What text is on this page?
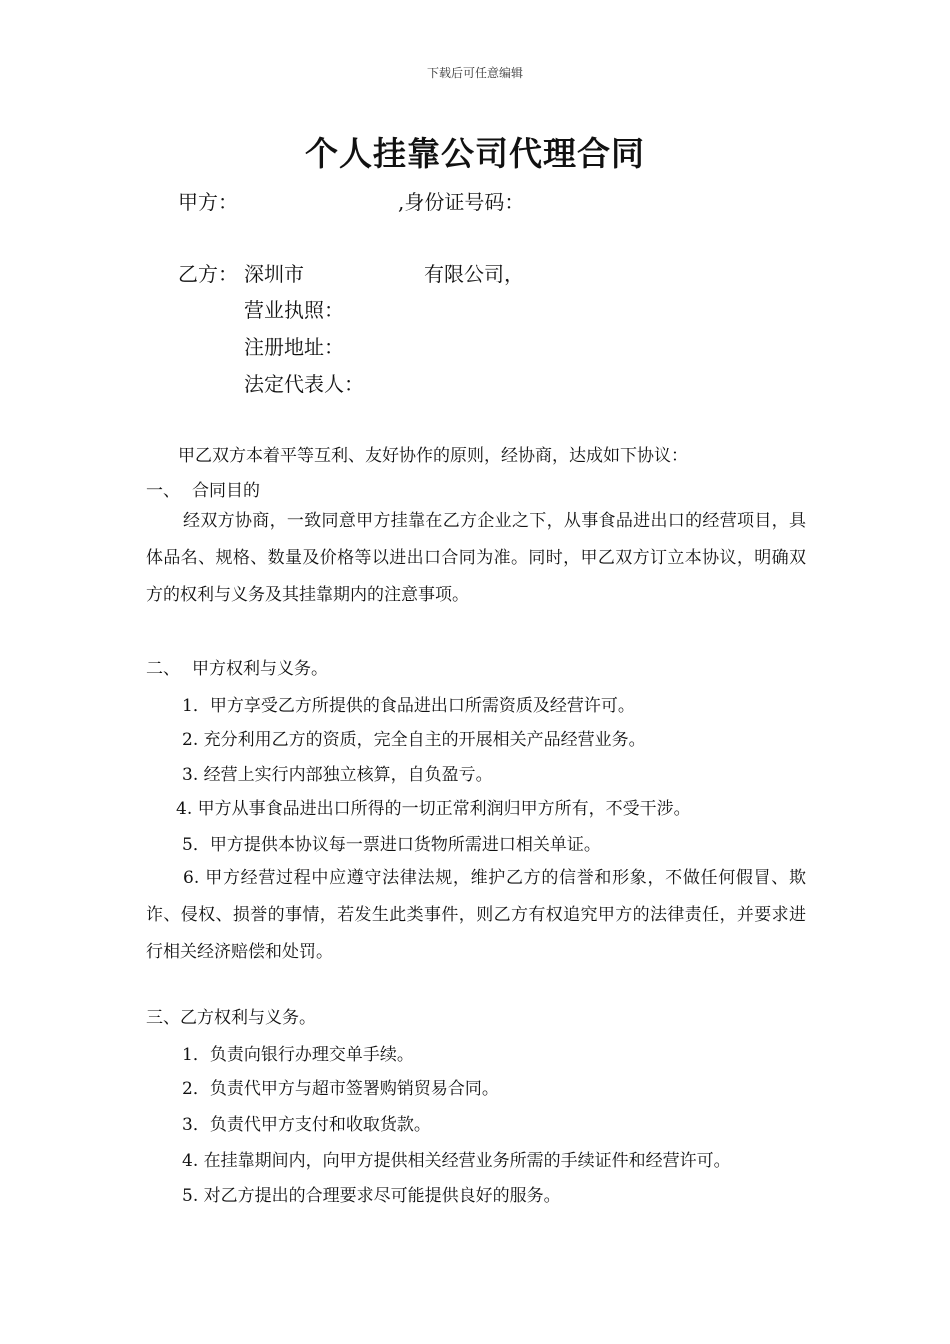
下载后可任意编辑
个人挂靠公司代理合同
甲方：	,身份证号码：
乙方： 深圳市	有限公司，
营业执照：
注册地址：
法定代表人：
甲乙双方本着平等互利、友好协作的原则，经协商，达成如下协议：
一、 合同目的
经双方协商，一致同意甲方挂靠在乙方企业之下，从事食品进出口的经营项目，具体品名、规格、数量及价格等以进出口合同为准。同时，甲乙双方订立本协议，明确双方的权利与义务及其挂靠期内的注意事项。
二、 甲方权利与义务。
1．甲方享受乙方所提供的食品进出口所需资质及经营许可。
2. 充分利用乙方的资质，完全自主的开展相关产品经营业务。
3. 经营上实行内部独立核算，自负盈亏。
4. 甲方从事食品进出口所得的一切正常利润归甲方所有，不受干涉。
5．甲方提供本协议每一票进口货物所需进口相关单证。
6. 甲方经营过程中应遵守法律法规，维护乙方的信誉和形象，不做任何假冒、欺诈、侵权、损誉的事情，若发生此类事件，则乙方有权追究甲方的法律责任，并要求进行相关经济赔偿和处罚。
三、乙方权利与义务。
1．负责向银行办理交单手续。
2．负责代甲方与超市签署购销贸易合同。
3．负责代甲方支付和收取货款。
4. 在挂靠期间内，向甲方提供相关经营业务所需的手续证件和经营许可。
5. 对乙方提出的合理要求尽可能提供良好的服务。
